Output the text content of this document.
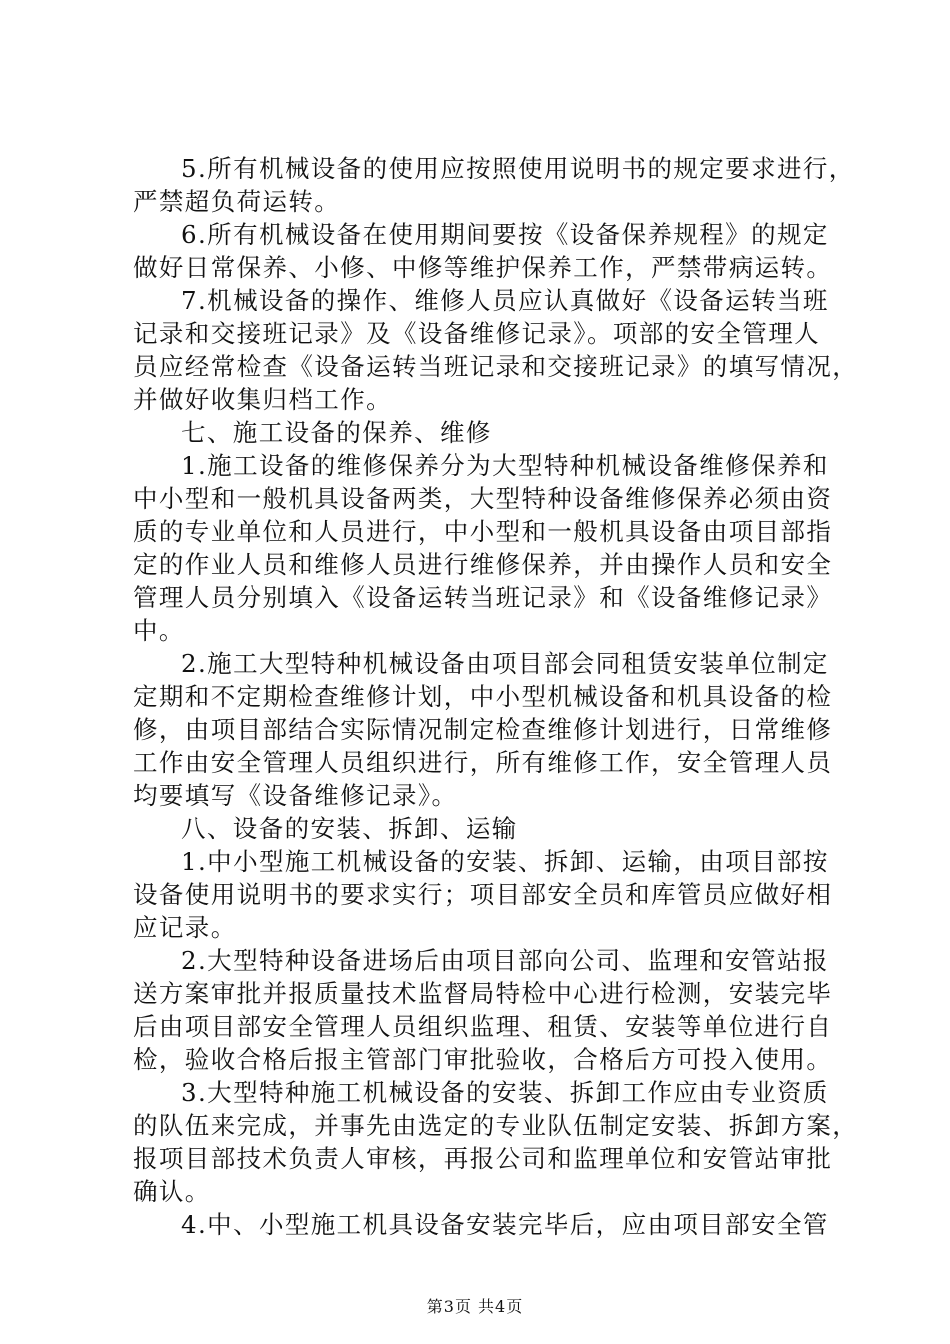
5.所有机械设备的使用应按照使用说明书的规定要求进行，
严禁超负荷运转。

6.所有机械设备在使用期间要按《设备保养规程》的规定
做好日常保养、小修、中修等维护保养工作，严禁带病运转。

7.机械设备的操作、维修人员应认真做好《设备运转当班
记录和交接班记录》及《设备维修记录》。项部的安全管理人
员应经常检查《设备运转当班记录和交接班记录》的填写情况，
并做好收集归档工作。

七、施工设备的保养、维修

1.施工设备的维修保养分为大型特种机械设备维修保养和
中小型和一般机具设备两类，大型特种设备维修保养必须由资
质的专业单位和人员进行，中小型和一般机具设备由项目部指
定的作业人员和维修人员进行维修保养，并由操作人员和安全
管理人员分别填入《设备运转当班记录》和《设备维修记录》
中。

2.施工大型特种机械设备由项目部会同租赁安装单位制定
定期和不定期检查维修计划，中小型机械设备和机具设备的检
修，由项目部结合实际情况制定检查维修计划进行，日常维修
工作由安全管理人员组织进行，所有维修工作，安全管理人员
均要填写《设备维修记录》。

八、设备的安装、拆卸、运输

1.中小型施工机械设备的安装、拆卸、运输，由项目部按
设备使用说明书的要求实行；项目部安全员和库管员应做好相
应记录。

2.大型特种设备进场后由项目部向公司、监理和安管站报
送方案审批并报质量技术监督局特检中心进行检测，安装完毕
后由项目部安全管理人员组织监理、租赁、安装等单位进行自
检，验收合格后报主管部门审批验收，合格后方可投入使用。

3.大型特种施工机械设备的安装、拆卸工作应由专业资质
的队伍来完成，并事先由选定的专业队伍制定安装、拆卸方案，
报项目部技术负责人审核，再报公司和监理单位和安管站审批
确认。

4.中、小型施工机具设备安装完毕后，应由项目部安全管

第3页 共4页
